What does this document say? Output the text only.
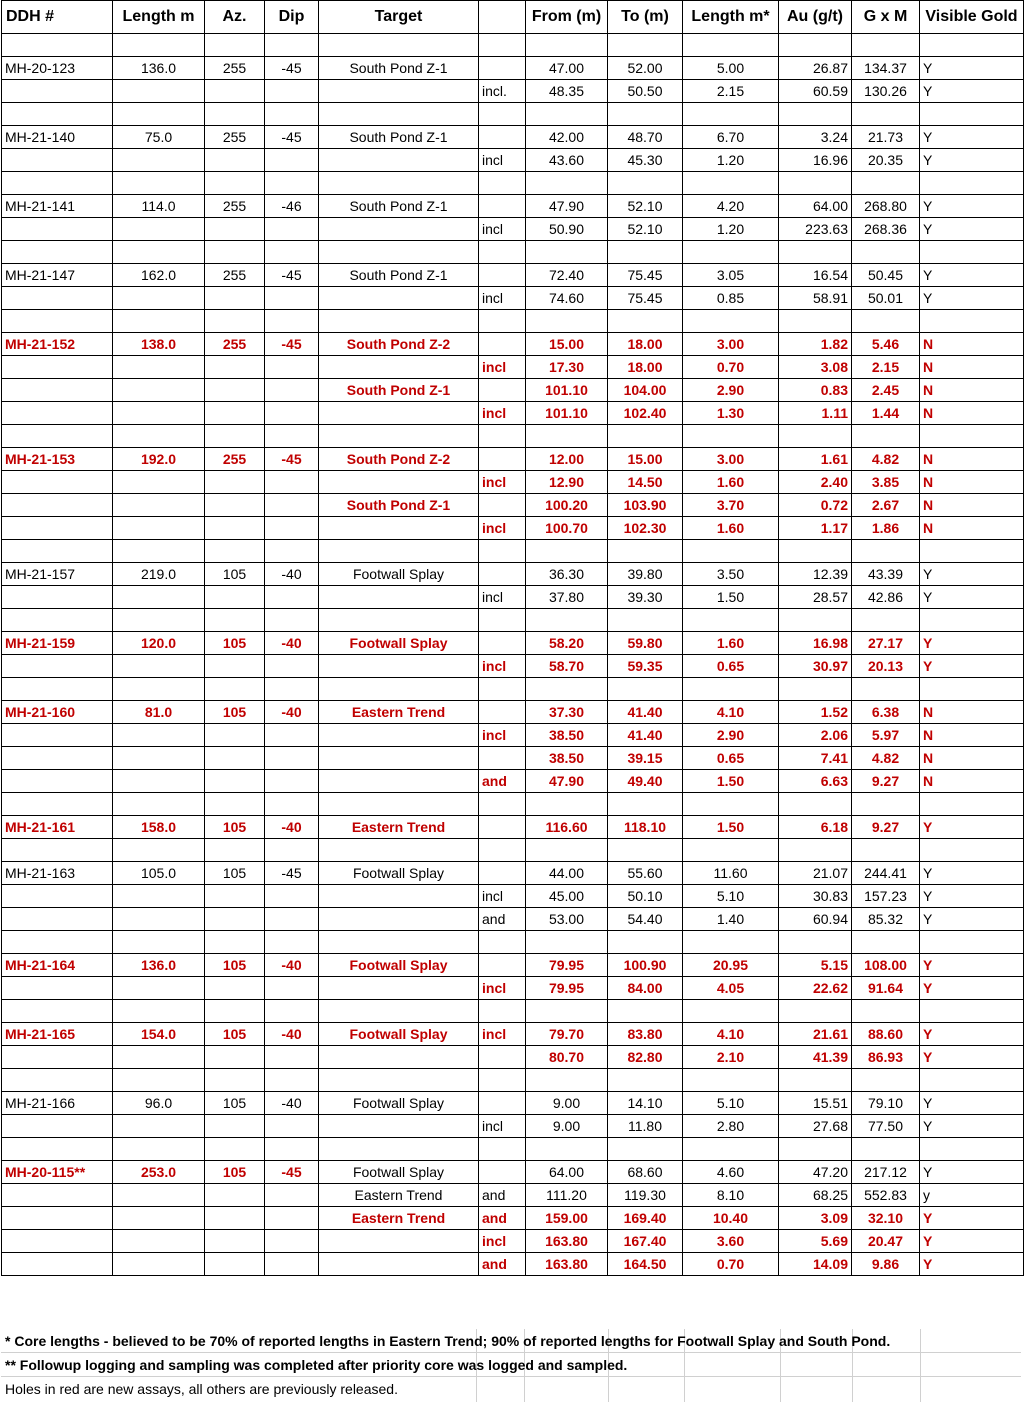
DDH #	Length m	Az.	Dip	Target		From (m)	To (m)	Length m*	Au (g/t)	G x M	Visible Gold

MH-20-123	136.0	255	-45	South Pond Z-1		47.00	52.00	5.00	26.87	134.37	Y
					incl.	48.35	50.50	2.15	60.59	130.26	Y

MH-21-140	75.0	255	-45	South Pond Z-1		42.00	48.70	6.70	3.24	21.73	Y
					incl	43.60	45.30	1.20	16.96	20.35	Y

MH-21-141	114.0	255	-46	South Pond Z-1		47.90	52.10	4.20	64.00	268.80	Y
					incl	50.90	52.10	1.20	223.63	268.36	Y

MH-21-147	162.0	255	-45	South Pond Z-1		72.40	75.45	3.05	16.54	50.45	Y
					incl	74.60	75.45	0.85	58.91	50.01	Y

MH-21-152	138.0	255	-45	South Pond Z-2		15.00	18.00	3.00	1.82	5.46	N
					incl	17.30	18.00	0.70	3.08	2.15	N
				South Pond Z-1		101.10	104.00	2.90	0.83	2.45	N
					incl	101.10	102.40	1.30	1.11	1.44	N

MH-21-153	192.0	255	-45	South Pond Z-2		12.00	15.00	3.00	1.61	4.82	N
					incl	12.90	14.50	1.60	2.40	3.85	N
				South Pond Z-1		100.20	103.90	3.70	0.72	2.67	N
					incl	100.70	102.30	1.60	1.17	1.86	N

MH-21-157	219.0	105	-40	Footwall Splay		36.30	39.80	3.50	12.39	43.39	Y
					incl	37.80	39.30	1.50	28.57	42.86	Y

MH-21-159	120.0	105	-40	Footwall Splay		58.20	59.80	1.60	16.98	27.17	Y
					incl	58.70	59.35	0.65	30.97	20.13	Y

MH-21-160	81.0	105	-40	Eastern Trend		37.30	41.40	4.10	1.52	6.38	N
					incl	38.50	41.40	2.90	2.06	5.97	N
						38.50	39.15	0.65	7.41	4.82	N
					and	47.90	49.40	1.50	6.63	9.27	N

MH-21-161	158.0	105	-40	Eastern Trend		116.60	118.10	1.50	6.18	9.27	Y

MH-21-163	105.0	105	-45	Footwall Splay		44.00	55.60	11.60	21.07	244.41	Y
					incl	45.00	50.10	5.10	30.83	157.23	Y
					and	53.00	54.40	1.40	60.94	85.32	Y

MH-21-164	136.0	105	-40	Footwall Splay		79.95	100.90	20.95	5.15	108.00	Y
					incl	79.95	84.00	4.05	22.62	91.64	Y

MH-21-165	154.0	105	-40	Footwall Splay	incl	79.70	83.80	4.10	21.61	88.60	Y
						80.70	82.80	2.10	41.39	86.93	Y

MH-21-166	96.0	105	-40	Footwall Splay		9.00	14.10	5.10	15.51	79.10	Y
					incl	9.00	11.80	2.80	27.68	77.50	Y

MH-20-115**	253.0	105	-45	Footwall Splay		64.00	68.60	4.60	47.20	217.12	Y
				Eastern Trend	and	111.20	119.30	8.10	68.25	552.83	y
				Eastern Trend	and	159.00	169.40	10.40	3.09	32.10	Y
					incl	163.80	167.40	3.60	5.69	20.47	Y
					and	163.80	164.50	0.70	14.09	9.86	Y
* Core lengths - believed to be 70% of reported lengths in Eastern Trend; 90% of reported lengths for Footwall Splay and South Pond.
** Followup logging and sampling was completed after priority core was logged and sampled.
Holes in red are new assays, all others are previously released.
